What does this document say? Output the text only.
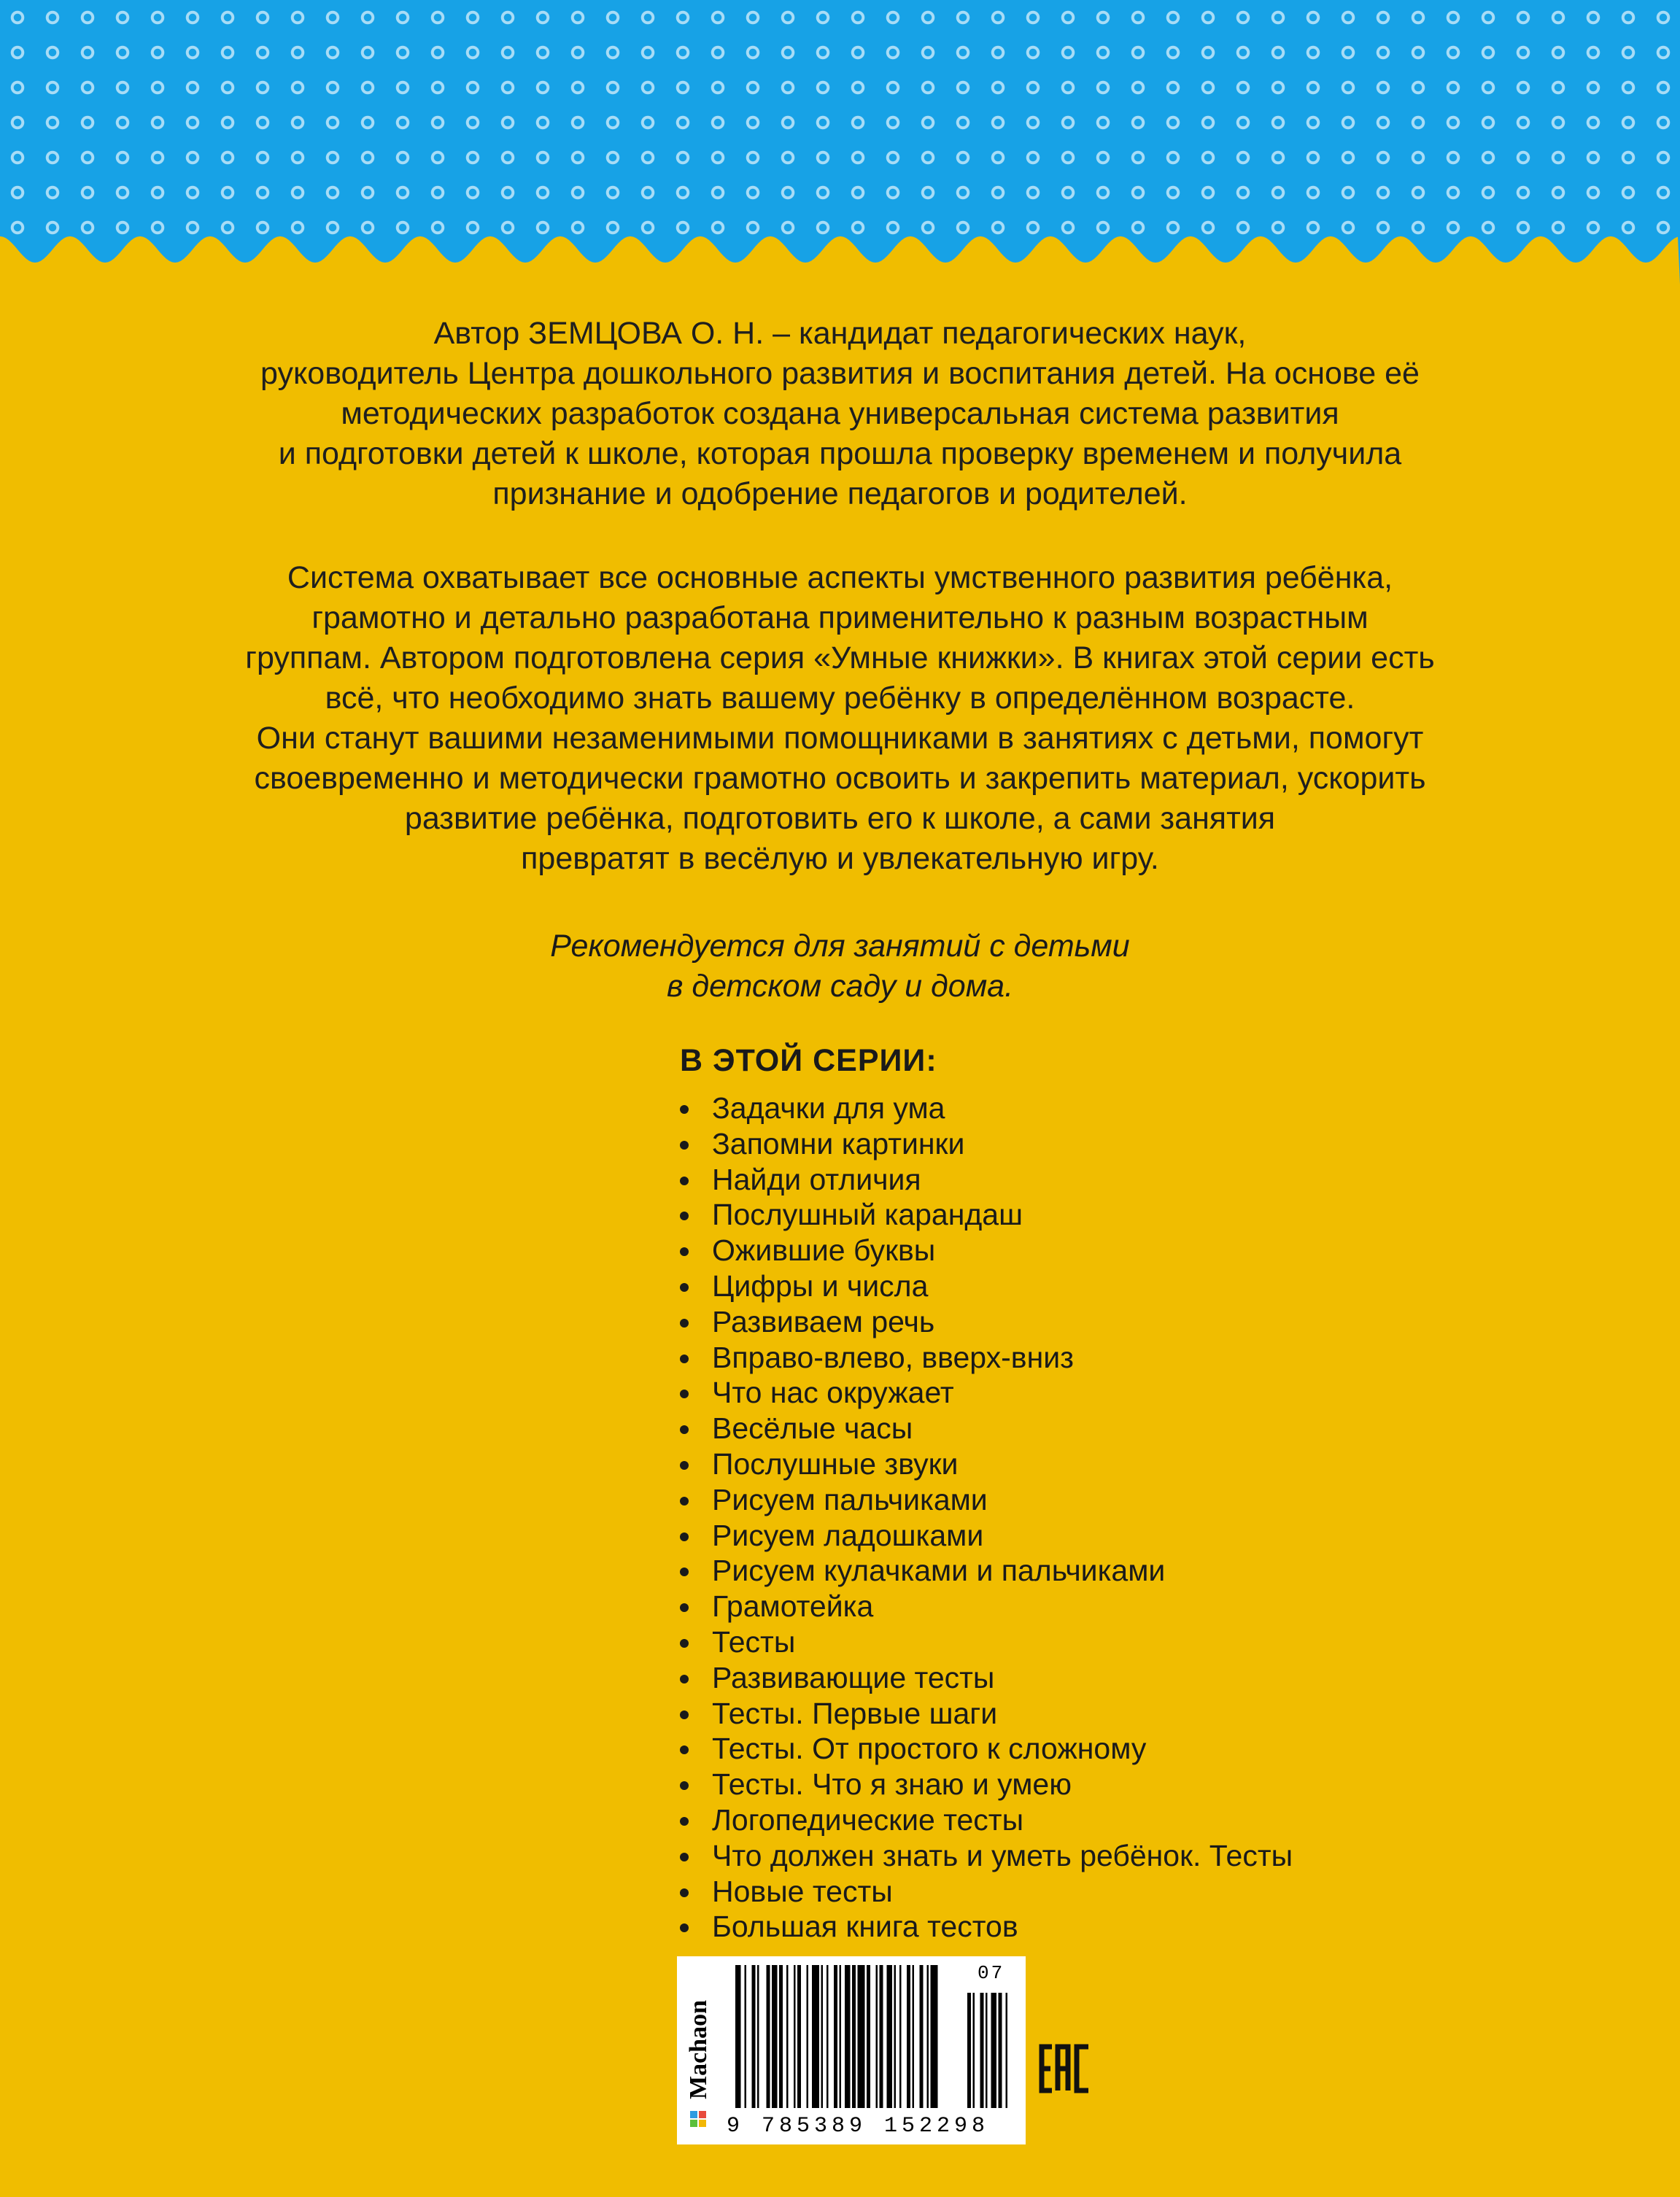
Автор ЗЕМЦОВА О. Н. – кандидат педагогических наук,
руководитель Центра дошкольного развития и воспитания детей. На основе её
методических разработок создана универсальная система развития
и подготовки детей к школе, которая прошла проверку временем и получила
признание и одобрение педагогов и родителей.

Система охватывает все основные аспекты умственного развития ребёнка,
грамотно и детально разработана применительно к разным возрастным
группам. Автором подготовлена серия «Умные книжки». В книгах этой серии есть
всё, что необходимо знать вашему ребёнку в определённом возрасте.
Они станут вашими незаменимыми помощниками в занятиях с детьми, помогут
своевременно и методически грамотно освоить и закрепить материал, ускорить
развитие ребёнка, подготовить его к школе, а сами занятия
превратят в весёлую и увлекательную игру.

Рекомендуется для занятий с детьми
в детском саду и дома.
В ЭТОЙ СЕРИИ:
Задачки для ума
Запомни картинки
Найди отличия
Послушный карандаш
Ожившие буквы
Цифры и числа
Развиваем речь
Вправо-влево, вверх-вниз
Что нас окружает
Весёлые часы
Послушные звуки
Рисуем пальчиками
Рисуем ладошками
Рисуем кулачками и пальчиками
Грамотейка
Тесты
Развивающие тесты
Тесты. Первые шаги
Тесты. От простого к сложному
Тесты. Что я знаю и умею
Логопедические тесты
Что должен знать и уметь ребёнок. Тесты
Новые тесты
Большая книга тестов
Machaon
9 785389 152298
07
